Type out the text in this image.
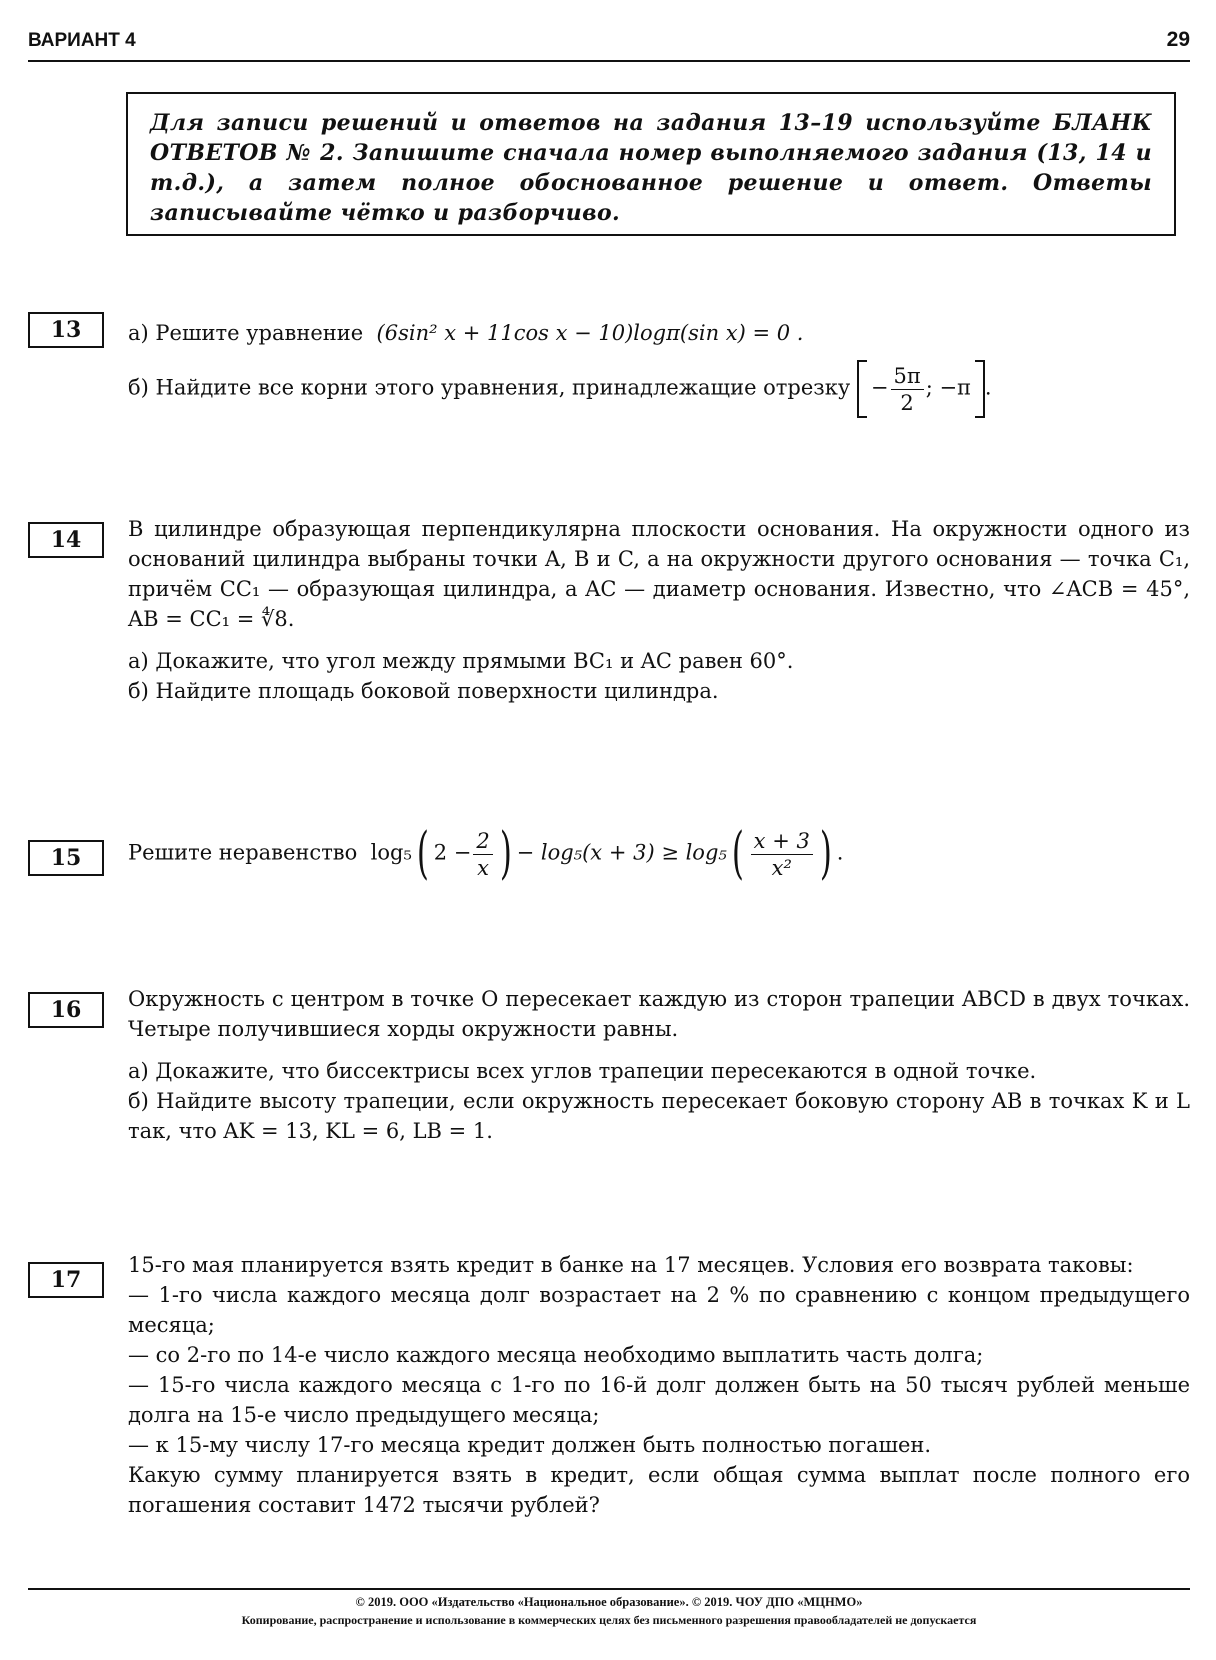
ВАРИАНТ 4	29
Для записи решений и ответов на задания 13–19 используйте БЛАНК ОТВЕТОВ № 2. Запишите сначала номер выполняемого задания (13, 14 и т.д.), а затем полное обоснованное решение и ответ. Ответы записывайте чётко и разборчиво.
13	а) Решите уравнение (6sin² x + 11cos x − 10)logπ(sin x) = 0 .

б) Найдите все корни этого уравнения, принадлежащие отрезку − $\frac{5\pi}{2}$ ; −π .

14	В цилиндре образующая перпендикулярна плоскости основания. На окружности одного из оснований цилиндра выбраны точки A, B и C, а на окружности другого основания — точка C₁, причём CC₁ — образующая цилиндра, а AC — диаметр основания. Известно, что ∠ACB = 45°, AB = CC₁ = ∜8.

а) Докажите, что угол между прямыми BC₁ и AC равен 60°.

б) Найдите площадь боковой поверхности цилиндра.

15	Решите неравенство log₅( $2 - \frac{2}{x}$ ) − $\log_5(x + 3) \ge \log_5( \frac{x + 3}{\text{x²}}$ ) .
16	Окружность с центром в точке O пересекает каждую из сторон трапеции ABCD в двух точках. Четыре получившиеся хорды окружности равны.

а) Докажите, что биссектрисы всех углов трапеции пересекаются в одной точке.

б) Найдите высоту трапеции, если окружность пересекает боковую сторону AB в точках K и L так, что AK = 13, KL = 6, LB = 1.

17

15-го мая планируется взять кредит в банке на 17 месяцев. Условия его возврата таковы:

— 1-го числа каждого месяца долг возрастает на 2 % по сравнению с концом предыдущего месяца;

— со 2-го по 14-е число каждого месяца необходимо выплатить часть долга;

— 15-го числа каждого месяца с 1-го по 16-й долг должен быть на 50 тысяч рублей меньше долга на 15-е число предыдущего месяца;

— к 15-му числу 17-го месяца кредит должен быть полностью погашен.

Какую сумму планируется взять в кредит, если общая сумма выплат после полного его погашения составит 1472 тысячи рублей?

© 2019. ООО «Издательство «Национальное образование». © 2019. ЧОУ ДПО «МЦНМО»
Копирование, распространение и использование в коммерческих целях без письменного разрешения правообладателей не допускается
